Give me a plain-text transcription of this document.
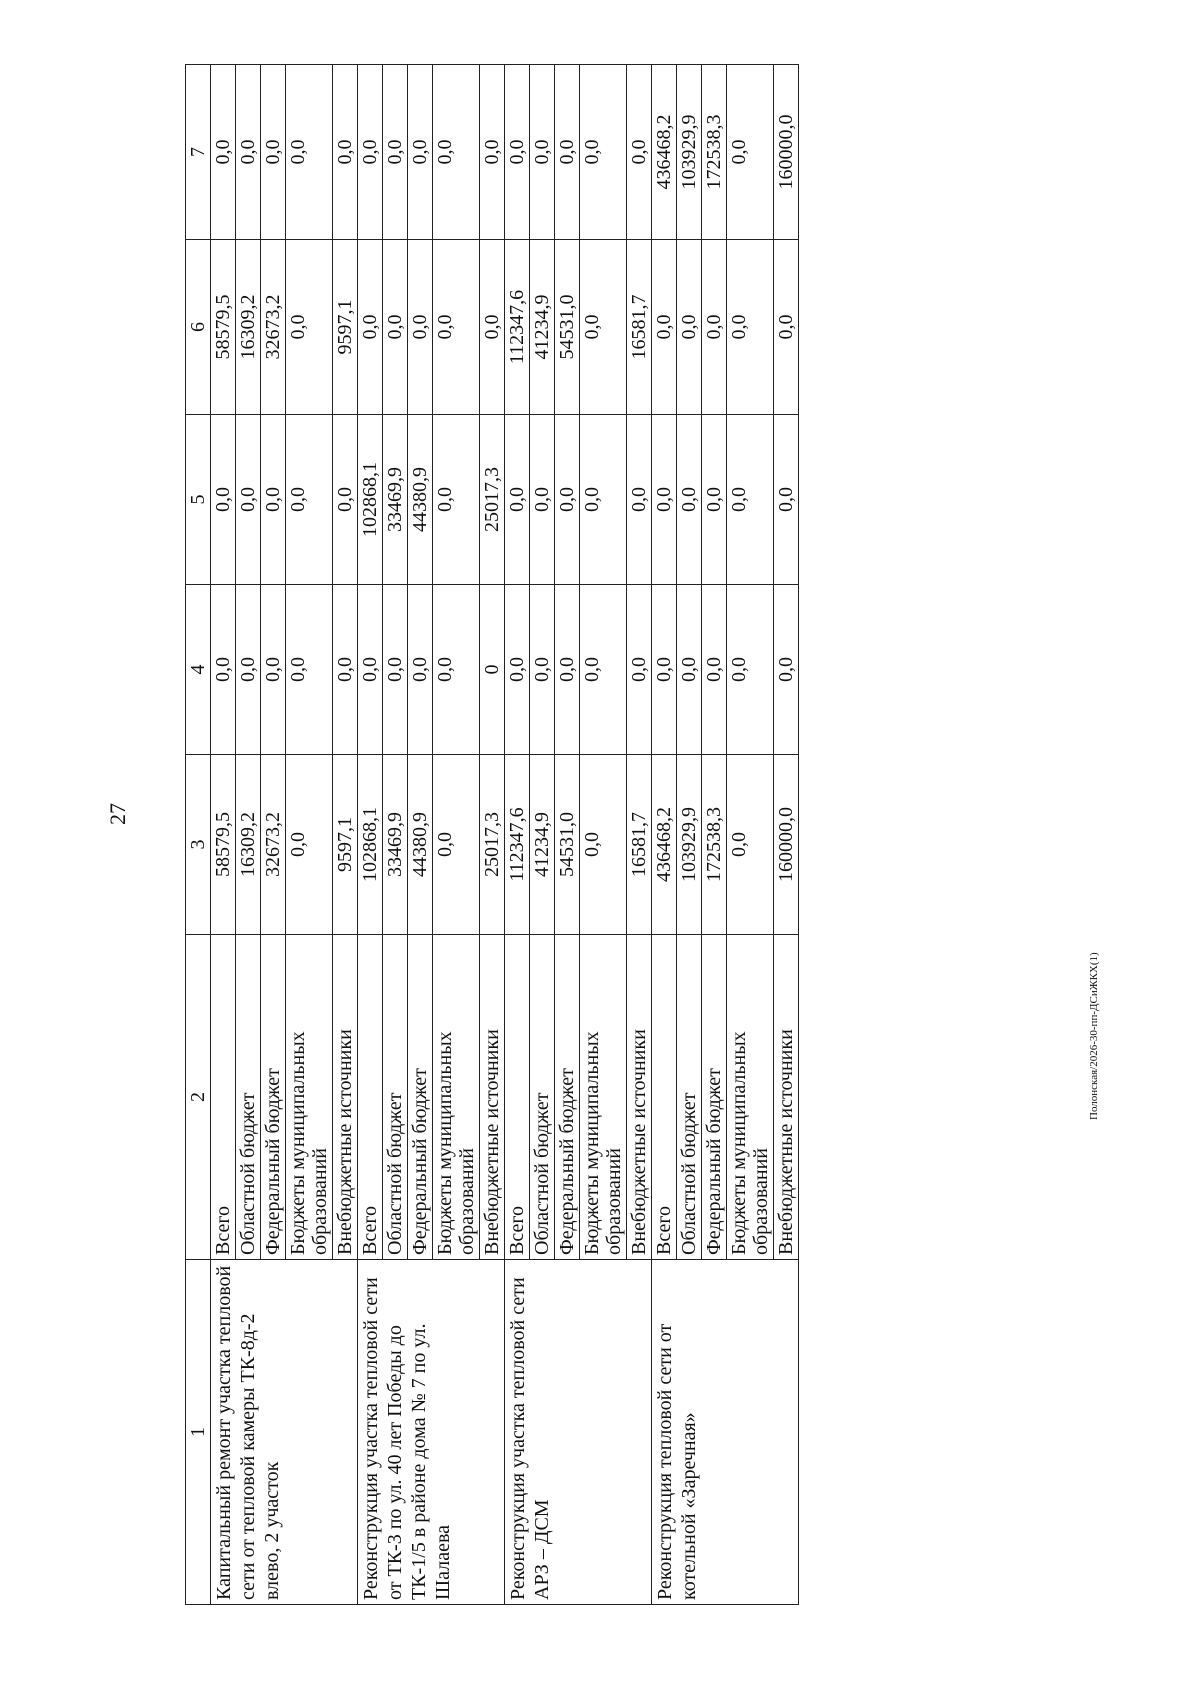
27
Полонская/2026-30-пп-ДСиЖКХ(1)
1	2	3	4	5	6	7
Капитальный ремонт участка тепловой сети от тепловой камеры ТК-8д-2 влево, 2 участок	Всего	58579,5	0,0	0,0	58579,5	0,0
	Областной бюджет	16309,2	0,0	0,0	16309,2	0,0
	Федеральный бюджет	32673,2	0,0	0,0	32673,2	0,0
	Бюджеты муниципальных образований	0,0	0,0	0,0	0,0	0,0
	Внебюджетные источники	9597,1	0,0	0,0	9597,1	0,0
Реконструкция участка тепловой сети от ТК-3 по ул. 40 лет Победы до ТК-1/5 в районе дома № 7 по ул. Шалаева	Всего	102868,1	0,0	102868,1	0,0	0,0
	Областной бюджет	33469,9	0,0	33469,9	0,0	0,0
	Федеральный бюджет	44380,9	0,0	44380,9	0,0	0,0
	Бюджеты муниципальных образований	0,0	0,0	0,0	0,0	0,0
	Внебюджетные источники	25017,3	0	25017,3	0,0	0,0
Реконструкция участка тепловой сети АРЗ – ДСМ	Всего	112347,6	0,0	0,0	112347,6	0,0
	Областной бюджет	41234,9	0,0	0,0	41234,9	0,0
	Федеральный бюджет	54531,0	0,0	0,0	54531,0	0,0
	Бюджеты муниципальных образований	0,0	0,0	0,0	0,0	0,0
	Внебюджетные источники	16581,7	0,0	0,0	16581,7	0,0
Реконструкция тепловой сети от котельной «Заречная»	Всего	436468,2	0,0	0,0	0,0	436468,2
	Областной бюджет	103929,9	0,0	0,0	0,0	103929,9
	Федеральный бюджет	172538,3	0,0	0,0	0,0	172538,3
	Бюджеты муниципальных образований	0,0	0,0	0,0	0,0	0,0
	Внебюджетные источники	160000,0	0,0	0,0	0,0	160000,0
